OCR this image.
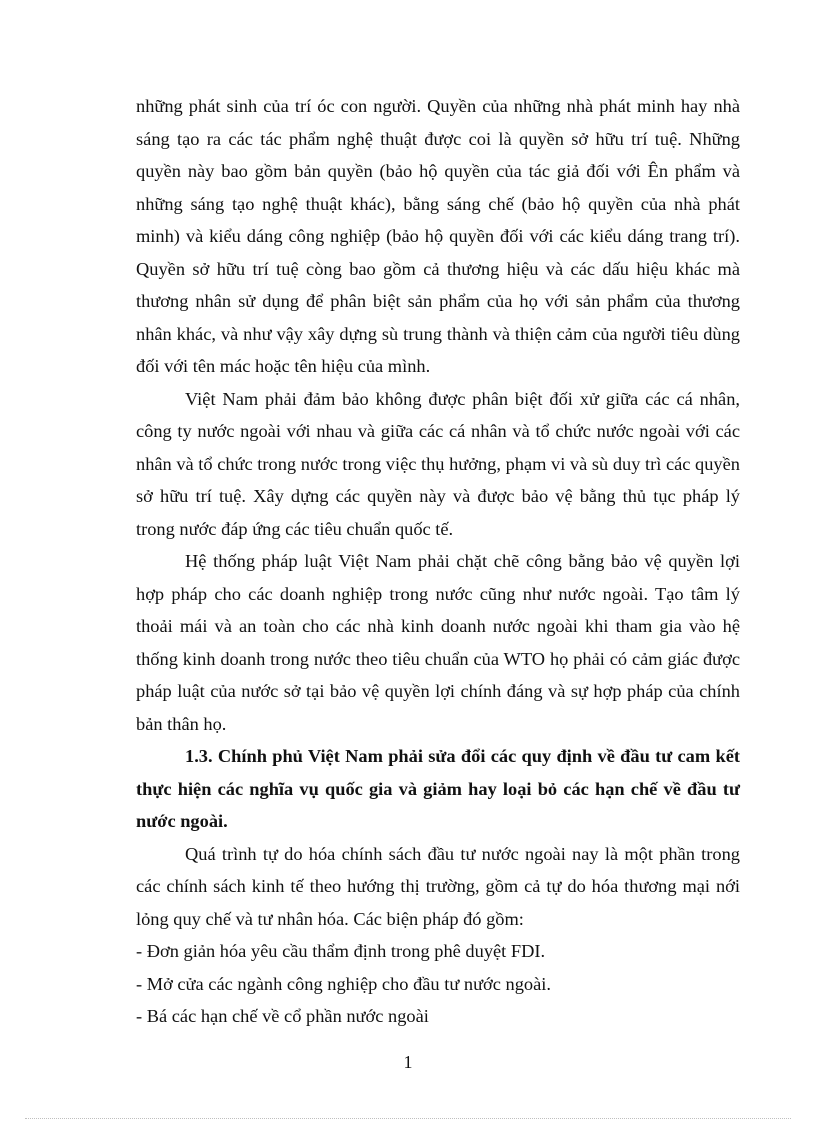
những phát sinh của trí óc con người. Quyền của những nhà phát minh hay nhà sáng tạo ra các tác phẩm nghệ thuật được coi là quyền sở hữu trí tuệ. Những quyền này bao gồm bản quyền (bảo hộ quyền của tác giả đối với Ên phẩm và những sáng tạo nghệ thuật khác), bằng sáng chế (bảo hộ quyền của nhà phát minh) và kiểu dáng công nghiệp (bảo hộ quyền đối với các kiểu dáng trang trí). Quyền sở hữu trí tuệ còng bao gồm cả thương hiệu và các dấu hiệu khác mà thương nhân sử dụng để phân biệt sản phẩm của họ với sản phẩm của thương nhân khác, và như vậy xây dựng sù trung thành và thiện cảm của người tiêu dùng đối với tên mác hoặc tên hiệu của mình.

Việt Nam phải đảm bảo không được phân biệt đối xử giữa các cá nhân, công ty nước ngoài với nhau và giữa các cá nhân và tổ chức nước ngoài với các nhân và tổ chức trong nước trong việc thụ hưởng, phạm vi và sù duy trì các quyền sở hữu trí tuệ. Xây dựng các quyền này và được bảo vệ bằng thủ tục pháp lý trong nước đáp ứng các tiêu chuẩn quốc tế.

Hệ thống pháp luật Việt Nam phải chặt chẽ công bằng bảo vệ quyền lợi hợp pháp cho các doanh nghiệp trong nước cũng như nước ngoài. Tạo tâm lý thoải mái và an toàn cho các nhà kinh doanh nước ngoài khi tham gia vào hệ thống kinh doanh trong nước theo tiêu chuẩn của WTO họ phải có cảm giác được pháp luật của nước sở tại bảo vệ quyền lợi chính đáng và sự hợp pháp của chính bản thân họ.

1.3. Chính phủ Việt Nam phải sửa đổi các quy định về đầu tư cam kết thực hiện các nghĩa vụ quốc gia và giảm hay loại bỏ các hạn chế về đầu tư nước ngoài.

Quá trình tự do hóa chính sách đầu tư nước ngoài nay là một phần trong các chính sách kinh tế theo hướng thị trường, gồm cả tự do hóa thương mại nới lỏng quy chế và tư nhân hóa. Các biện pháp đó gồm:

- Đơn giản hóa yêu cầu thẩm định trong phê duyệt FDI.

- Mở cửa các ngành công nghiệp cho đầu tư nước ngoài.

- Bá các hạn chế về cổ phần nước ngoài

1
